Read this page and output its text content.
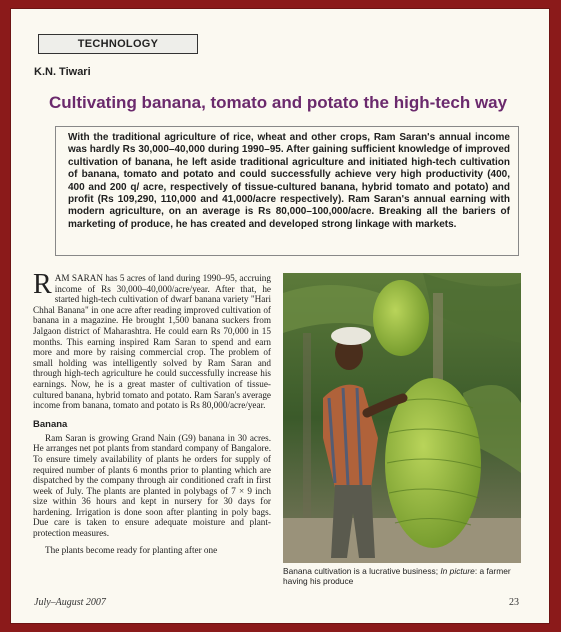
TECHNOLOGY
K.N. Tiwari
Cultivating banana, tomato and potato the high-tech way

With the traditional agriculture of rice, wheat and other crops, Ram Saran's annual income was hardly Rs 30,000–40,000 during 1990–95. After gaining sufficient knowledge of improved cultivation of banana, he left aside traditional agriculture and initiated high-tech cultivation of banana, tomato and potato and could successfully achieve very high productivity (400, 400 and 200 q/ acre, respectively of tissue-cultured banana, hybrid tomato and potato) and profit (Rs 109,290, 110,000 and 41,000/acre respectively). Ram Saran's annual earning with modern agriculture, on an average is Rs 80,000–100,000/acre. Breaking all the bariers of marketing of produce, he has created and developed strong linkage with markets.

RAM SARAN has 5 acres of land during 1990–95, accruing income of Rs 30,000–40,000/acre/year. After that, he started high-tech cultivation of dwarf banana variety "Hari Chhal Banana" in one acre after reading improved cultivation of banana in a magazine. He brought 1,500 banana suckers from Jalgaon district of Maharashtra. He could earn Rs 70,000 in 15 months. This earning inspired Ram Saran to spend and earn more and more by raising commercial crop. The problem of small holding was intelligently solved by Ram Saran and through high-tech agriculture he could successfully increase his earnings. Now, he is a great master of cultivation of tissue-cultured banana, hybrid tomato and potato. Ram Saran's average income from banana, tomato and potato is Rs 80,000/acre/year.

Banana

Ram Saran is growing Grand Nain (G9) banana in 30 acres. He arranges net pot plants from standard company of Bangalore. To ensure timely availability of plants he orders for supply of required number of plants 6 months prior to planting which are dispatched by the company through air conditioned craft in first week of July. The plants are planted in polybags of 7 × 9 inch size within 36 hours and kept in nursery for 30 days for hardening. Irrigation is done soon after planting in poly bags. Due care is taken to ensure adequate moisture and plant-protection measures.

The plants become ready for planting after one

Banana cultivation is a lucrative business; In picture: a farmer having his produce
July–August 2007	23
